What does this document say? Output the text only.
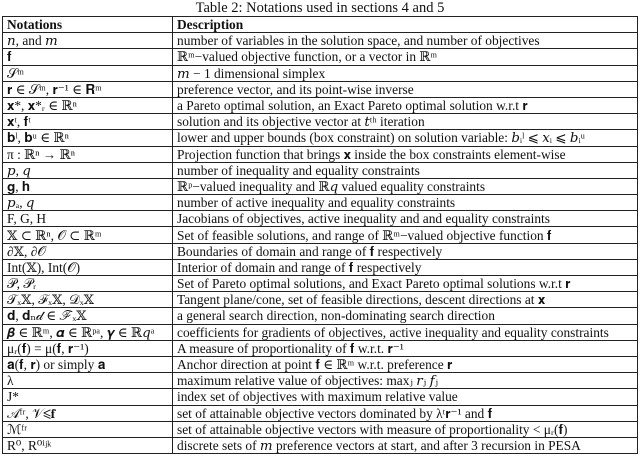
Table 2: Notations used in sections 4 and 5
Notations	Description
𝑛, and 𝑚	number of variables in the solution space, and number of objectives
𝐟	ℝᵐ−valued objective function, or a vector in ℝᵐ
𝒮ᵐ	𝑚 − 1 dimensional simplex
𝐫 ∈ 𝒮ᵐ, 𝐫⁻¹ ∈ 𝐑ᵐ	preference vector, and its point-wise inverse
𝐱*, 𝐱*ᵣ ∈ ℝⁿ	a Pareto optimal solution, an Exact Pareto optimal solution w.r.t 𝐫
𝐱ᵗ, 𝐟ᵗ	solution and its objective vector at 𝑡ᵗʰ iteration
𝐛ˡ, 𝐛ᵘ ∈ ℝⁿ	lower and upper bounds (box constraint) on solution variable: 𝑏ᵢˡ ⩽ 𝑥ᵢ ⩽ 𝑏ᵢᵘ
π : ℝⁿ → ℝⁿ	Projection function that brings 𝐱 inside the box constraints element-wise
𝑝, 𝑞	number of inequality and equality constraints
𝐠, 𝐡	ℝᵖ−valued inequality and ℝ𝑞 valued equality constraints
𝑝ₐ, 𝑞	number of active inequality and equality constraints
F, G, H	Jacobians of objectives, active inequality and and equality constraints
𝕏 ⊂ ℝⁿ, 𝒪 ⊂ ℝᵐ	Set of feasible solutions, and range of ℝᵐ−valued objective function 𝐟
∂𝕏, ∂𝒪	Boundaries of domain and range of 𝐟 respectively
Int(𝕏), Int(𝒪)	Interior of domain and range of 𝐟 respectively
𝒫, 𝒫ᵣ	Set of Pareto optimal solutions, and Exact Pareto optimal solutions w.r.t 𝐫
𝒯ₓ𝕏, ℱₓ𝕏, 𝒟ₓ𝕏	Tangent plane/cone, set of feasible directions, descent directions at 𝐱
𝐝, 𝐝ₙ𝒹 ∈ ℱₓ𝕏	a general search direction, non-dominating search direction
𝜷 ∈ ℝᵐ, 𝜶 ∈ ℝᵖᵃ, 𝜸 ∈ ℝ𝑞ᵃ	coefficients for gradients of objectives, active inequality and equality constraints
μᵣ(𝐟) = μ(𝐟, 𝐫⁻¹)	A measure of proportionality of 𝐟 w.r.t. 𝐫⁻¹
𝐚(𝐟, 𝐫) or simply 𝐚	Anchor direction at point 𝐟 ∈ ℝᵐ w.r.t. preference 𝐫
λ	maximum relative value of objectives: maxⱼ 𝑟ⱼ 𝑓ⱼ
J*	index set of objectives with maximum relative value
𝒜ᶠʳ, 𝒱⩽𝐟	set of attainable objective vectors dominated by λᵗ𝐫⁻¹ and 𝐟
ℳᶠʳ	set of attainable objective vectors with measure of proportionality < μᵣ(𝐟)
R⁰, R⁰ⁱʲᵏ	discrete sets of 𝑚 preference vectors at start, and after 3 recursion in PESA
